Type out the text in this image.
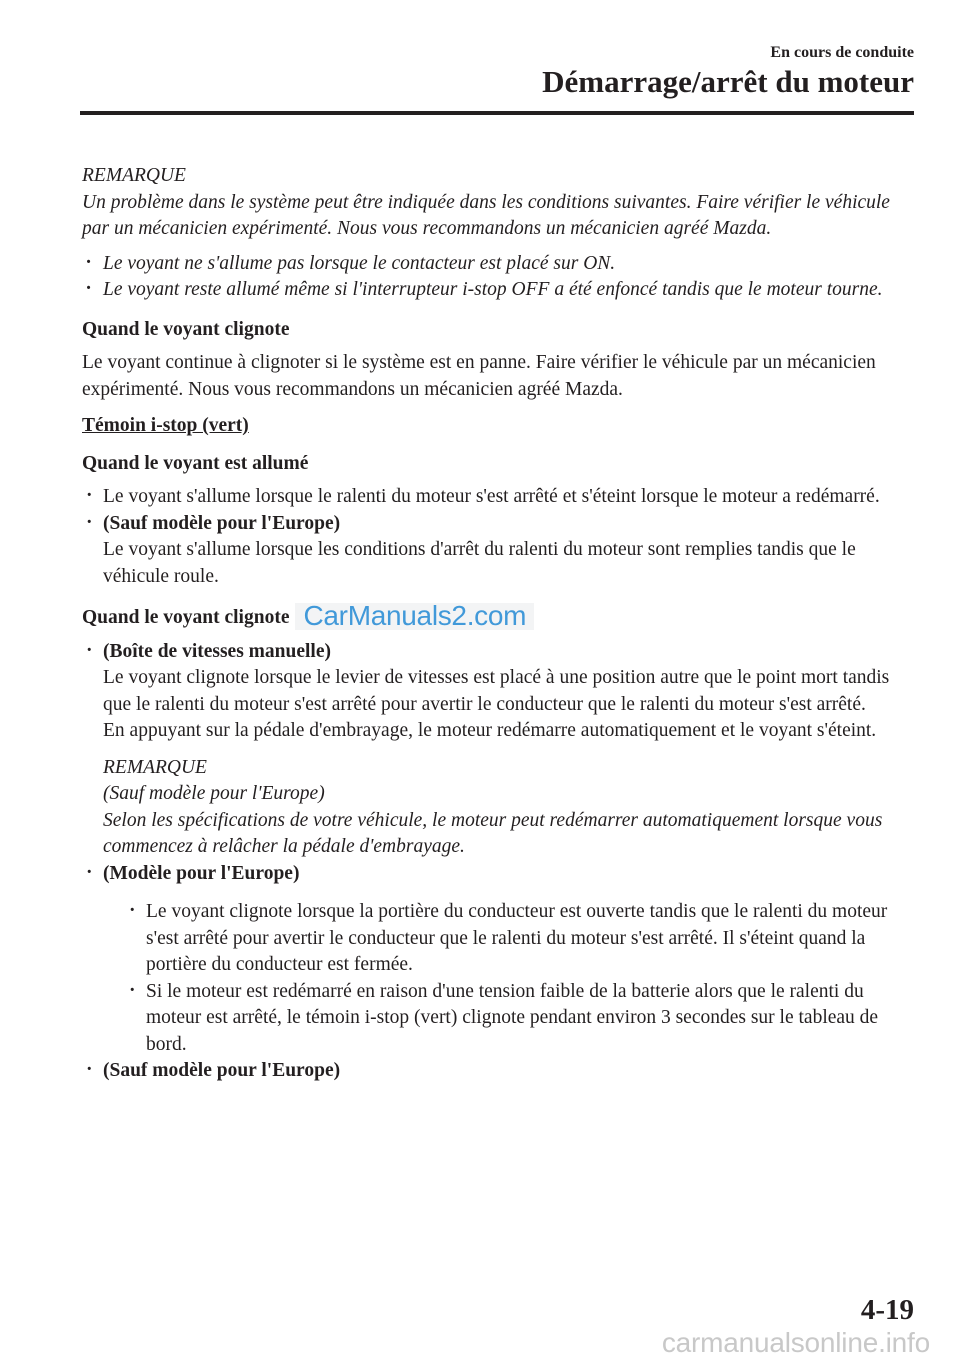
En cours de conduite
Démarrage/arrêt du moteur
REMARQUE

Un problème dans le système peut être indiquée dans les conditions suivantes. Faire vérifier le véhicule par un mécanicien expérimenté. Nous vous recommandons un mécanicien agréé Mazda.

· Le voyant ne s'allume pas lorsque le contacteur est placé sur ON.
· Le voyant reste allumé même si l'interrupteur i-stop OFF a été enfoncé tandis que le moteur tourne.
Quand le voyant clignote

Le voyant continue à clignoter si le système est en panne. Faire vérifier le véhicule par un mécanicien expérimenté. Nous vous recommandons un mécanicien agréé Mazda.

Témoin i-stop (vert)
Quand le voyant est allumé
· Le voyant s'allume lorsque le ralenti du moteur s'est arrêté et s'éteint lorsque le moteur a redémarré.
· (Sauf modèle pour l'Europe)
Le voyant s'allume lorsque les conditions d'arrêt du ralenti du moteur sont remplies tandis que le véhicule roule.
Quand le voyant clignote CarManuals2.com
· (Boîte de vitesses manuelle)
Le voyant clignote lorsque le levier de vitesses est placé à une position autre que le point mort tandis que le ralenti du moteur s'est arrêté pour avertir le conducteur que le ralenti du moteur s'est arrêté.
En appuyant sur la pédale d'embrayage, le moteur redémarre automatiquement et le voyant s'éteint.
REMARQUE
(Sauf modèle pour l'Europe)
Selon les spécifications de votre véhicule, le moteur peut redémarrer automatiquement lorsque vous commencez à relâcher la pédale d'embrayage.
· (Modèle pour l'Europe)
· Le voyant clignote lorsque la portière du conducteur est ouverte tandis que le ralenti du moteur s'est arrêté pour avertir le conducteur que le ralenti du moteur s'est arrêté. Il s'éteint quand la portière du conducteur est fermée.
· Si le moteur est redémarré en raison d'une tension faible de la batterie alors que le ralenti du moteur est arrêté, le témoin i-stop (vert) clignote pendant environ 3 secondes sur le tableau de bord.
· (Sauf modèle pour l'Europe)
4-19
carmanualsonline.info
